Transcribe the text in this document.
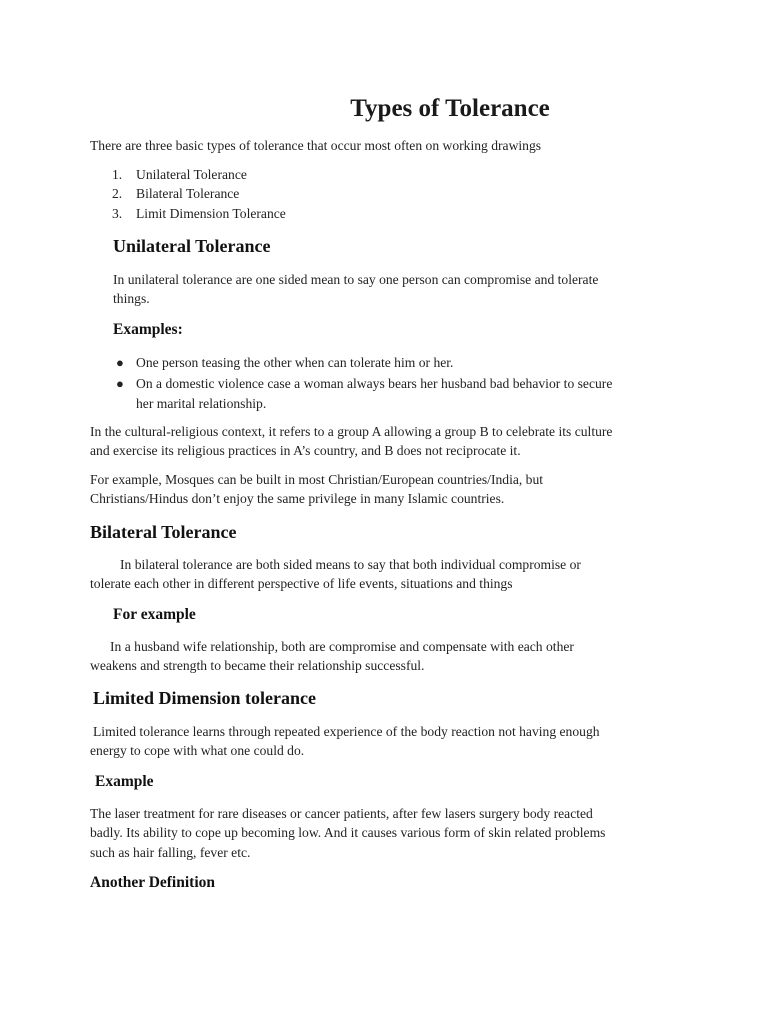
Types of Tolerance

There are three basic types of tolerance that occur most often on working drawings

1.	Unilateral Tolerance
2.	Bilateral Tolerance
3.	Limit Dimension Tolerance
Unilateral Tolerance

In unilateral tolerance are one sided mean to say one person can compromise and tolerate

things.

Examples:
● One person teasing the other when can tolerate him or her.
● On a domestic violence case a woman always bears her husband bad behavior to secure
her marital relationship.

In the cultural-religious context, it refers to a group A allowing a group B to celebrate its culture

and exercise its religious practices in A’s country, and B does not reciprocate it.

For example, Mosques can be built in most Christian/European countries/India, but

Christians/Hindus don’t enjoy the same privilege in many Islamic countries.

Bilateral Tolerance

In bilateral tolerance are both sided means to say that both individual compromise or

tolerate each other in different perspective of life events, situations and things

For example

In a husband wife relationship, both are compromise and compensate with each other

weakens and strength to became their relationship successful.

Limited Dimension tolerance

Limited tolerance learns through repeated experience of the body reaction not having enough

energy to cope with what one could do.

Example

The laser treatment for rare diseases or cancer patients, after few lasers surgery body reacted

badly. Its ability to cope up becoming low. And it causes various form of skin related problems

such as hair falling, fever etc.

Another Definition
